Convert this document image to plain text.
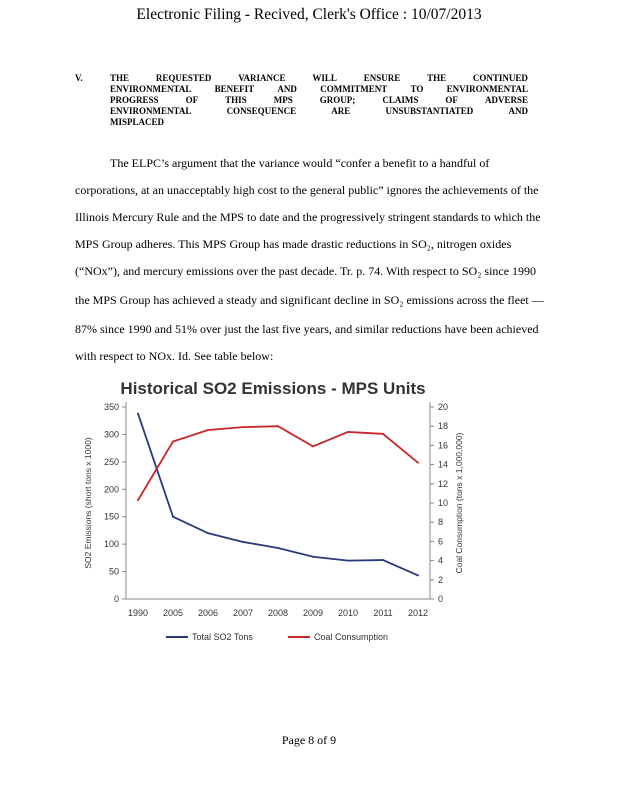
Electronic Filing - Recived, Clerk's Office : 10/07/2013
V.	THE	REQUESTED	VARIANCE	WILL	ENSURE	THE	CONTINUED
ENVIRONMENTAL	BENEFIT	AND	COMMITMENT	TO	ENVIRONMENTAL
PROGRESS	OF	THIS	MPS	GROUP;	CLAIMS	OF	ADVERSE
ENVIRONMENTAL	CONSEQUENCE	ARE	UNSUBSTANTIATED	AND
MISPLACED
The ELPC’s argument that the variance would “confer a benefit to a handful of
corporations, at an unacceptably high cost to the general public” ignores the achievements of the
Illinois Mercury Rule and the MPS to date and the progressively stringent standards to which the
MPS Group adheres. This MPS Group has made drastic reductions in SO₂, nitrogen oxides
(“NOx”), and mercury emissions over the past decade. Tr. p. 74. With respect to SO₂ since 1990
the MPS Group has achieved a steady and significant decline in SO₂ emissions across the fleet —
87% since 1990 and 51% over just the last five years, and similar reductions have been achieved
with respect to NOx. Id. See table below:
Historical SO2 Emissions - MPS Units
0
50
100
150
200
250
300
350
0
2
4
6
8
10
12
14
16
18
20
1990 2005 2006 2007 2008 2009 2010 2011 2012
SO2 Emissions (short tons x 1000)	Coal Consumption (tons x 1,000,000)
Total SO2 Tons	Coal Consumption
Page 8 of 9
